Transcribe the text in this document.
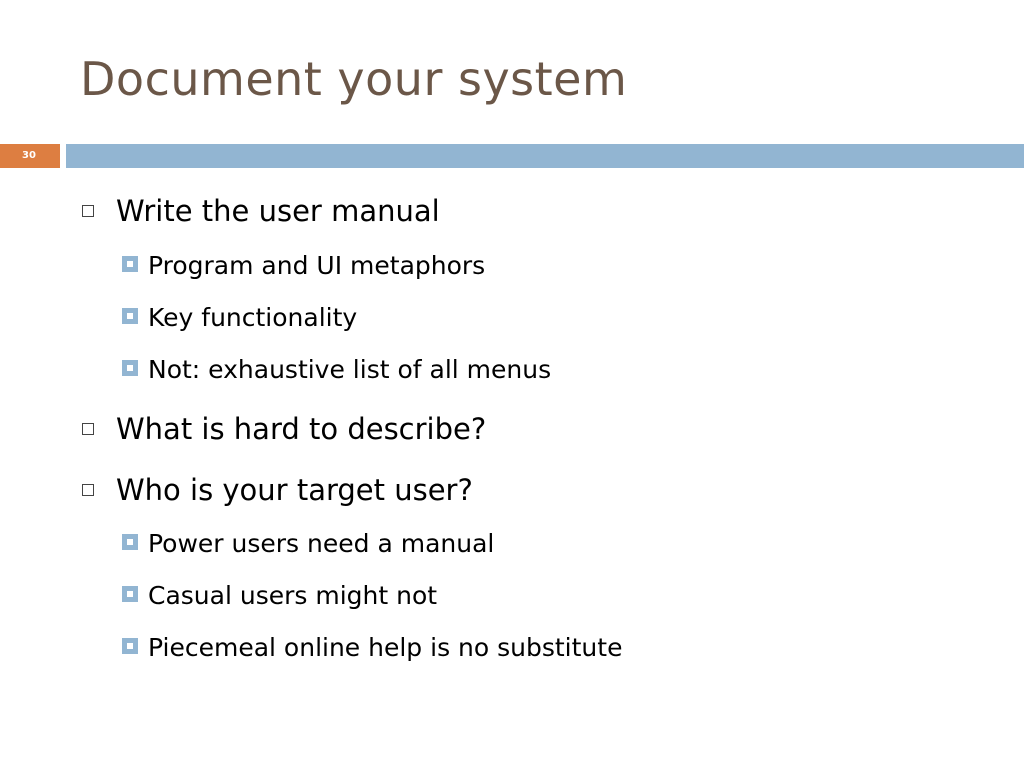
Document your system
30
Write the user manual
Program and UI metaphors
Key functionality
Not: exhaustive list of all menus
What is hard to describe?
Who is your target user?
Power users need a manual
Casual users might not
Piecemeal online help is no substitute
